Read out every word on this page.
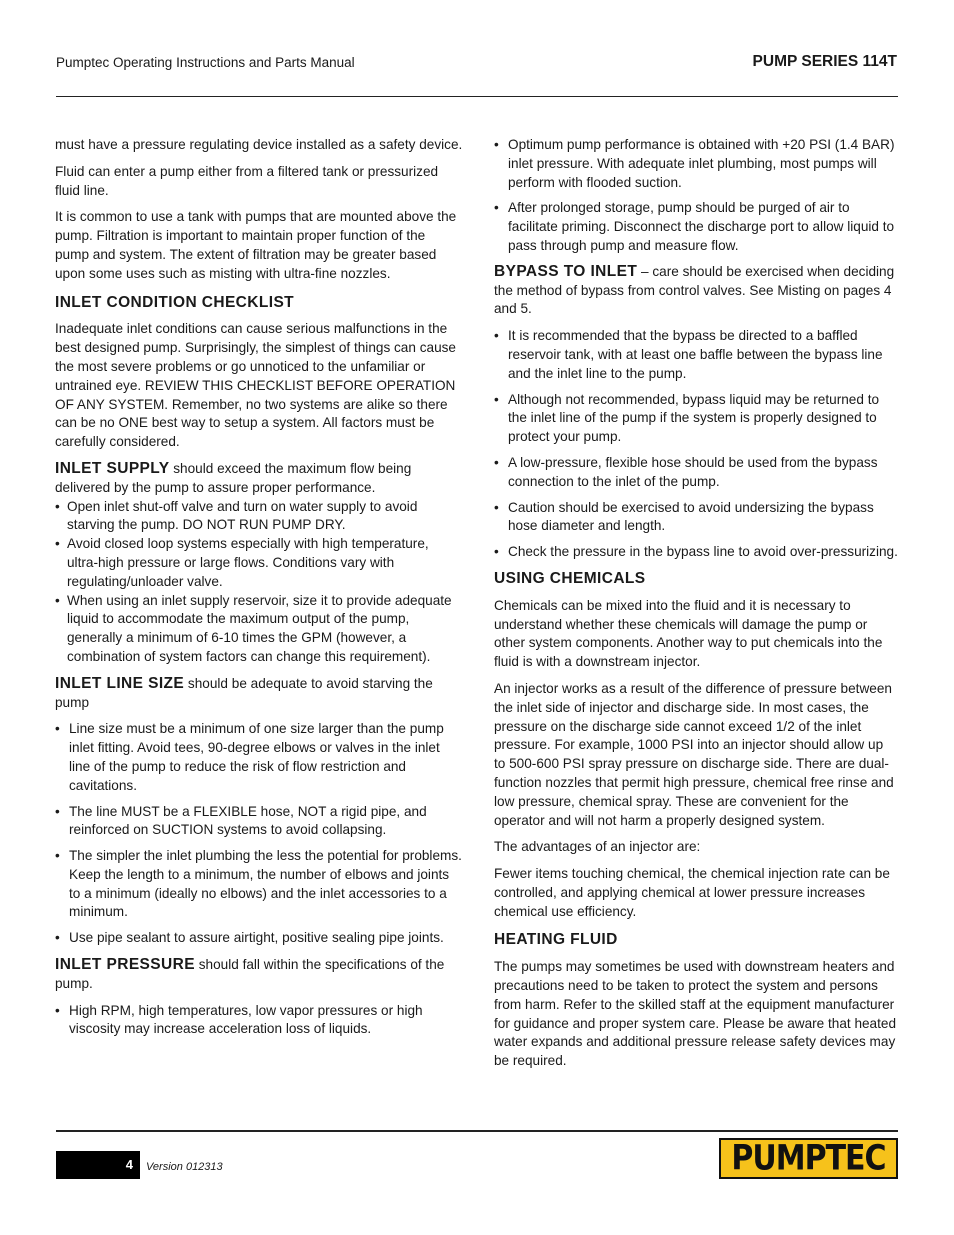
Pumptec Operating Instructions and Parts Manual	PUMP SERIES 114T

must have a pressure regulating device installed as a safety device.

Fluid can enter a pump either from a filtered tank or pressurized fluid line.

It is common to use a tank with pumps that are mounted above the pump. Filtration is important to maintain proper function of the pump and system. The extent of filtration may be greater based upon some uses such as misting with ultra-fine nozzles.

INLET CONDITION CHECKLIST

Inadequate inlet conditions can cause serious malfunctions in the best designed pump. Surprisingly, the simplest of things can cause the most severe problems or go unnoticed to the unfamiliar or untrained eye. REVIEW THIS CHECKLIST BEFORE OPERATION OF ANY SYSTEM. Remember, no two systems are alike so there can be no ONE best way to setup a system. All factors must be carefully considered.

INLET SUPPLY should exceed the maximum flow being delivered by the pump to assure proper performance.

• Open inlet shut-off valve and turn on water supply to avoid starving the pump. DO NOT RUN PUMP DRY.
• Avoid closed loop systems especially with high temperature, ultra-high pressure or large flows. Conditions vary with regulating/unloader valve.
• When using an inlet supply reservoir, size it to provide adequate liquid to accommodate the maximum output of the pump, generally a minimum of 6-10 times the GPM (however, a combination of system factors can change this requirement).

INLET LINE SIZE should be adequate to avoid starving the pump

• Line size must be a minimum of one size larger than the pump inlet fitting. Avoid tees, 90-degree elbows or valves in the inlet line of the pump to reduce the risk of flow restriction and cavitations.
• The line MUST be a FLEXIBLE hose, NOT a rigid pipe, and reinforced on SUCTION systems to avoid collapsing.
• The simpler the inlet plumbing the less the potential for problems. Keep the length to a minimum, the number of elbows and joints to a minimum (ideally no elbows) and the inlet accessories to a minimum.
• Use pipe sealant to assure airtight, positive sealing pipe joints.

INLET PRESSURE should fall within the specifications of the pump.

• High RPM, high temperatures, low vapor pressures or high viscosity may increase acceleration loss of liquids.
• Optimum pump performance is obtained with +20 PSI (1.4 BAR) inlet pressure. With adequate inlet plumbing, most pumps will perform with flooded suction.
• After prolonged storage, pump should be purged of air to facilitate priming. Disconnect the discharge port to allow liquid to pass through pump and measure flow.

BYPASS TO INLET – care should be exercised when deciding the method of bypass from control valves. See Misting on pages 4 and 5.

• It is recommended that the bypass be directed to a baffled reservoir tank, with at least one baffle between the bypass line and the inlet line to the pump.
• Although not recommended, bypass liquid may be returned to the inlet line of the pump if the system is properly designed to protect your pump.
• A low-pressure, flexible hose should be used from the bypass connection to the inlet of the pump.
• Caution should be exercised to avoid undersizing the bypass hose diameter and length.
• Check the pressure in the bypass line to avoid over-pressurizing.
USING CHEMICALS

Chemicals can be mixed into the fluid and it is necessary to understand whether these chemicals will damage the pump or other system components. Another way to put chemicals into the fluid is with a downstream injector.

An injector works as a result of the difference of pressure between the inlet side of injector and discharge side. In most cases, the pressure on the discharge side cannot exceed 1/2 of the inlet pressure. For example, 1000 PSI into an injector should allow up to 500-600 PSI spray pressure on discharge side. There are dual-function nozzles that permit high pressure, chemical free rinse and low pressure, chemical spray. These are convenient for the operator and will not harm a properly designed system.

The advantages of an injector are:

Fewer items touching chemical, the chemical injection rate can be controlled, and applying chemical at lower pressure increases chemical use efficiency.

HEATING FLUID

The pumps may sometimes be used with downstream heaters and precautions need to be taken to protect the system and persons from harm. Refer to the skilled staff at the equipment manufacturer for guidance and proper system care. Please be aware that heated water expands and additional pressure release safety devices may be required.

4 Version 012313	PUMPTEC
